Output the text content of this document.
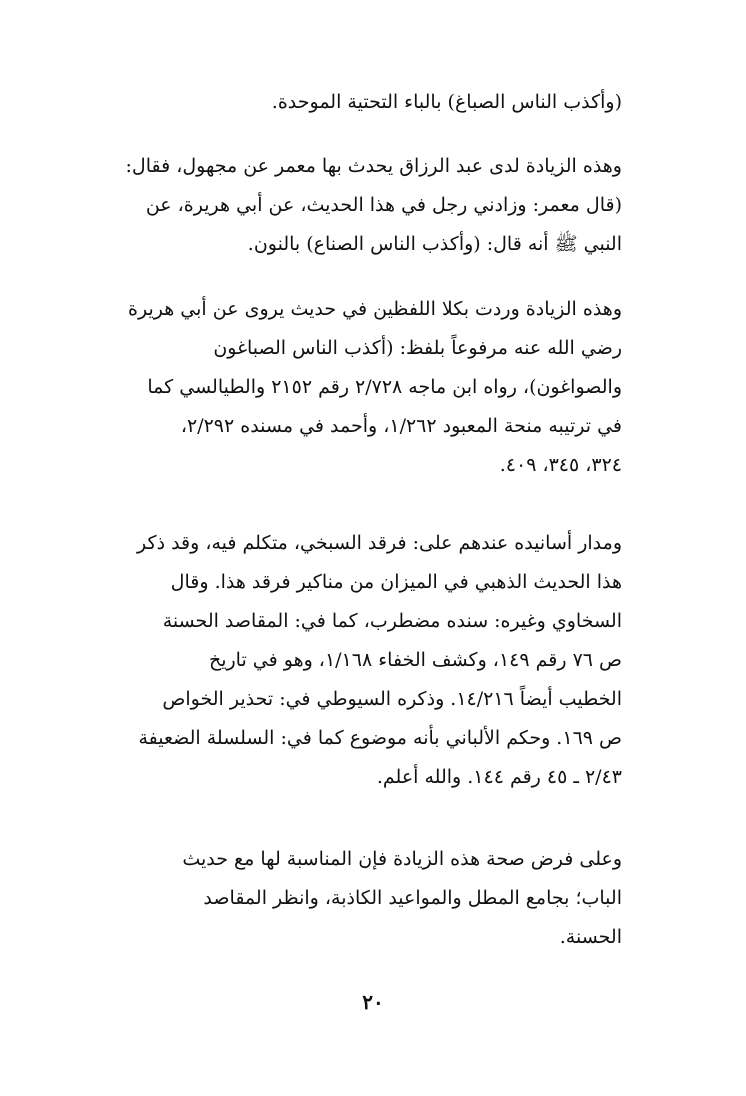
(وأكذب الناس الصباغ) بالباء التحتية الموحدة.

وهذه الزيادة لدى عبد الرزاق يحدث بها معمر عن مجهول، فقال:
(قال معمر: وزادني رجل في هذا الحديث، عن أبي هريرة، عن
النبي ﷺ أنه قال: (وأكذب الناس الصناع) بالنون.

وهذه الزيادة وردت بكلا اللفظين في حديث يروى عن أبي هريرة
رضي الله عنه مرفوعاً بلفظ: (أكذب الناس الصباغون
والصواغون)، رواه ابن ماجه ٢/٧٢٨ رقم ٢١٥٢ والطيالسي كما
في ترتيبه منحة المعبود ١/٢٦٢، وأحمد في مسنده ٢/٢٩٢،
٣٢٤، ٣٤٥، ٤٠٩.

ومدار أسانيده عندهم على: فرقد السبخي، متكلم فيه، وقد ذكر
هذا الحديث الذهبي في الميزان من مناكير فرقد هذا. وقال
السخاوي وغيره: سنده مضطرب، كما في: المقاصد الحسنة
ص ٧٦ رقم ١٤٩، وكشف الخفاء ١/١٦٨، وهو في تاريخ
الخطيب أيضاً ١٤/٢١٦. وذكره السيوطي في: تحذير الخواص
ص ١٦٩. وحكم الألباني بأنه موضوع كما في: السلسلة الضعيفة
٢/٤٣ ـ ٤٥ رقم ١٤٤. والله أعلم.

وعلى فرض صحة هذه الزيادة فإن المناسبة لها مع حديث
الباب؛ بجامع المطل والمواعيد الكاذبة، وانظر المقاصد
الحسنة.

٢٠
